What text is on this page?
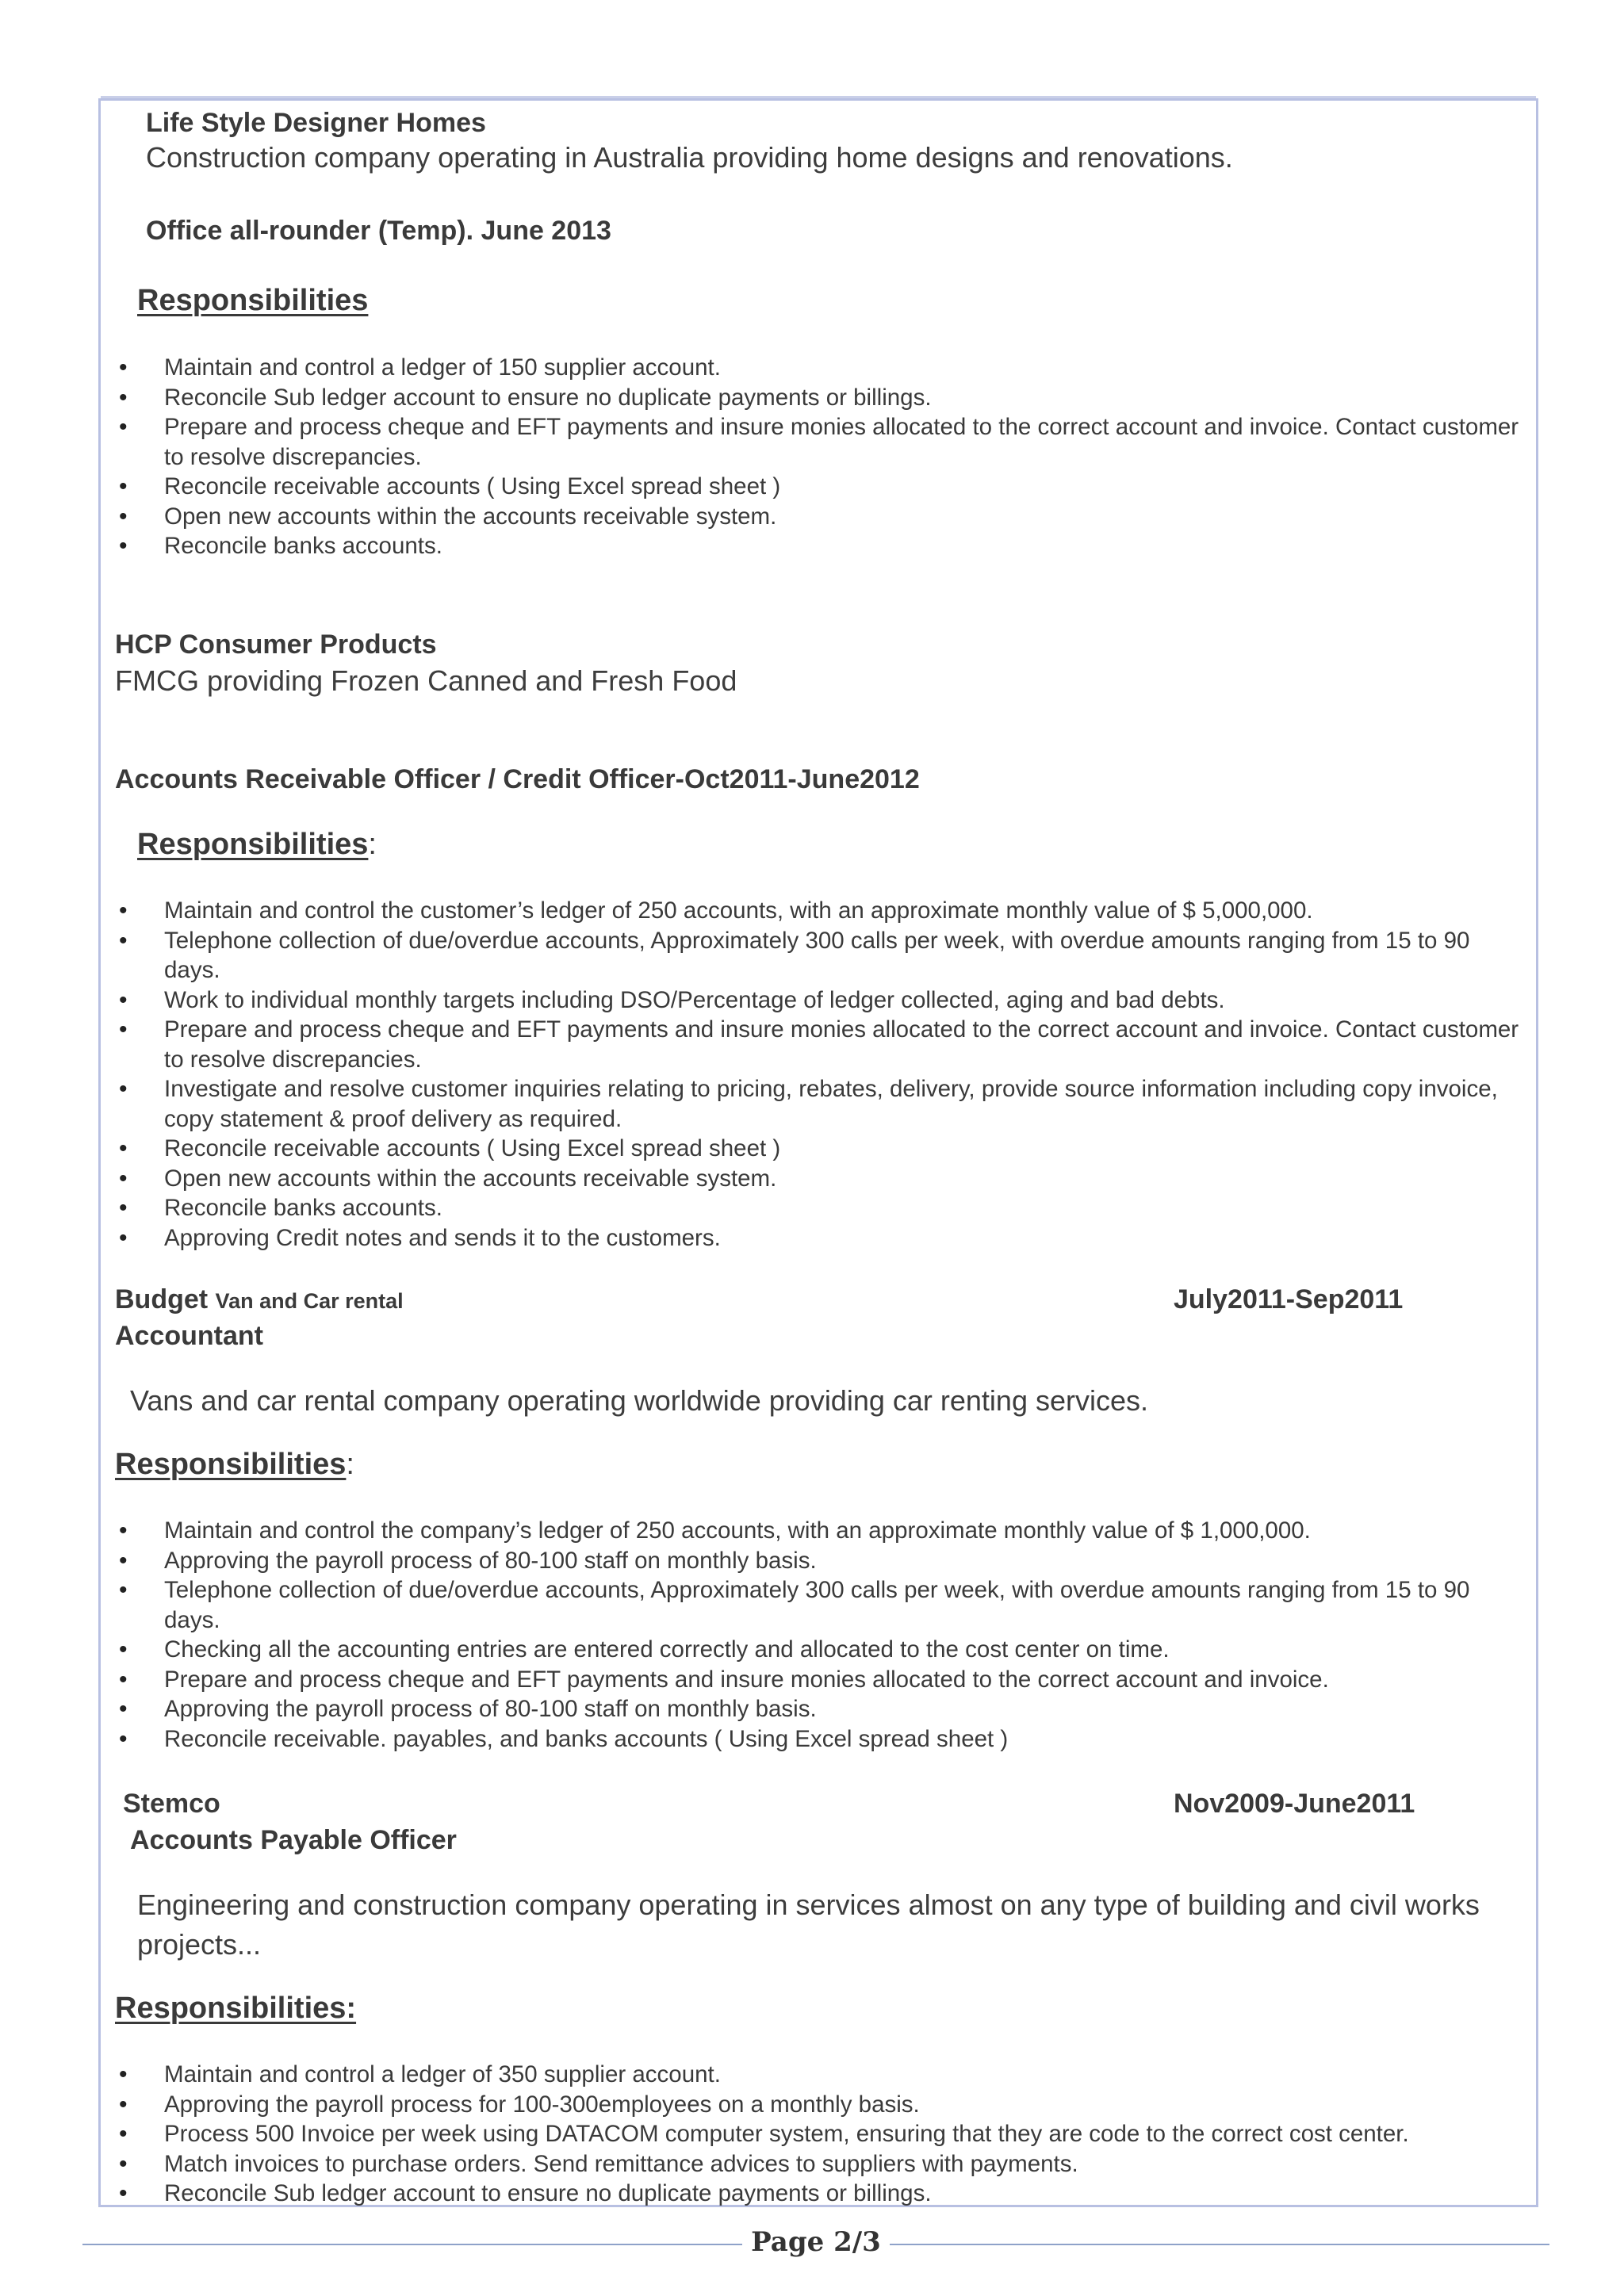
Life Style Designer Homes
Construction company operating in Australia providing home designs and renovations.
Office all-rounder (Temp). June 2013
Responsibilities
• Maintain and control a ledger of 150 supplier account.
• Reconcile Sub ledger account to ensure no duplicate payments or billings.
• Prepare and process cheque and EFT payments and insure monies allocated to the correct account and invoice. Contact customer to resolve discrepancies.
• Reconcile receivable accounts ( Using Excel spread sheet )
• Open new accounts within the accounts receivable system.
• Reconcile banks accounts.
HCP Consumer Products
FMCG providing Frozen Canned and Fresh Food
Accounts Receivable Officer / Credit Officer-Oct2011-June2012
Responsibilities:
• Maintain and control the customer’s ledger of 250 accounts, with an approximate monthly value of $ 5,000,000.
• Telephone collection of due/overdue accounts, Approximately 300 calls per week, with overdue amounts ranging from 15 to 90 days.
• Work to individual monthly targets including DSO/Percentage of ledger collected, aging and bad debts.
• Prepare and process cheque and EFT payments and insure monies allocated to the correct account and invoice. Contact customer to resolve discrepancies.
• Investigate and resolve customer inquiries relating to pricing, rebates, delivery, provide source information including copy invoice, copy statement & proof delivery as required.
• Reconcile receivable accounts ( Using Excel spread sheet )
• Open new accounts within the accounts receivable system.
• Reconcile banks accounts.
• Approving Credit notes and sends it to the customers.
Budget Van and Car rental	July2011-Sep2011
Accountant
Vans and car rental company operating worldwide providing car renting services.
Responsibilities:
• Maintain and control the company’s ledger of 250 accounts, with an approximate monthly value of $ 1,000,000.
• Approving the payroll process of 80-100 staff on monthly basis.
• Telephone collection of due/overdue accounts, Approximately 300 calls per week, with overdue amounts ranging from 15 to 90 days.
• Checking all the accounting entries are entered correctly and allocated to the cost center on time.
• Prepare and process cheque and EFT payments and insure monies allocated to the correct account and invoice.
• Approving the payroll process of 80-100 staff on monthly basis.
• Reconcile receivable. payables, and banks accounts ( Using Excel spread sheet )
Stemco	Nov2009-June2011
Accounts Payable Officer
Engineering and construction company operating in services almost on any type of building and civil works
projects...
Responsibilities:
• Maintain and control a ledger of 350 supplier account.
• Approving the payroll process for 100-300employees on a monthly basis.
• Process 500 Invoice per week using DATACOM computer system, ensuring that they are code to the correct cost center.
• Match invoices to purchase orders. Send remittance advices to suppliers with payments.
• Reconcile Sub ledger account to ensure no duplicate payments or billings.
Page 2/3
